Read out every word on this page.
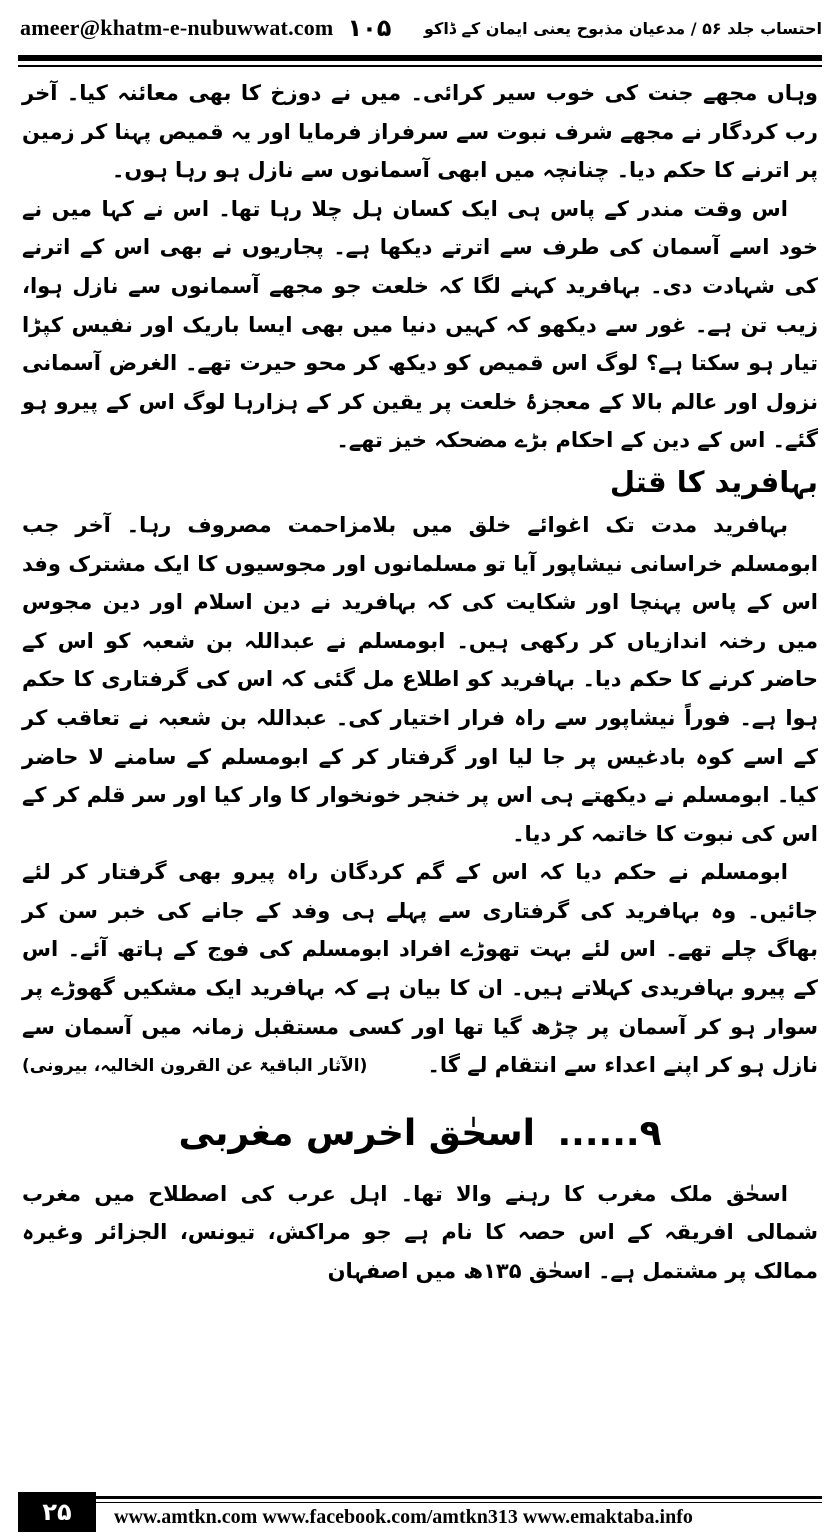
ameer@khatm-e-nubuwwat.com ۱۰۵ احتساب جلد ۵۶ / مدعیان مذبوح یعنی ایمان کے ڈاکو

وہاں مجھے جنت کی خوب سیر کرائی۔ میں نے دوزخ کا بھی معائنہ کیا۔ آخر رب کردگار نے مجھے شرف نبوت سے سرفراز فرمایا اور یہ قمیص پہنا کر زمین پر اترنے کا حکم دیا۔ چنانچہ میں ابھی آسمانوں سے نازل ہو رہا ہوں۔

اس وقت مندر کے پاس ہی ایک کسان ہل چلا رہا تھا۔ اس نے کہا میں نے خود اسے آسمان کی طرف سے اترتے دیکھا ہے۔ پجاریوں نے بھی اس کے اترنے کی شہادت دی۔ بہافرید کہنے لگا کہ خلعت جو مجھے آسمانوں سے نازل ہوا، زیب تن ہے۔ غور سے دیکھو کہ کہیں دنیا میں بھی ایسا باریک اور نفیس کپڑا تیار ہو سکتا ہے؟ لوگ اس قمیص کو دیکھ کر محو حیرت تھے۔ الغرض آسمانی نزول اور عالم بالا کے معجزۂ خلعت پر یقین کر کے ہزارہا لوگ اس کے پیرو ہو گئے۔ اس کے دین کے احکام بڑے مضحکہ خیز تھے۔

بہافرید کا قتل

بہافرید مدت تک اغوائے خلق میں بلامزاحمت مصروف رہا۔ آخر جب ابومسلم خراسانی نیشاپور آیا تو مسلمانوں اور مجوسیوں کا ایک مشترک وفد اس کے پاس پہنچا اور شکایت کی کہ بہافرید نے دین اسلام اور دین مجوس میں رخنہ اندازیاں کر رکھی ہیں۔ ابومسلم نے عبداللہ بن شعبہ کو اس کے حاضر کرنے کا حکم دیا۔ بہافرید کو اطلاع مل گئی کہ اس کی گرفتاری کا حکم ہوا ہے۔ فوراً نیشاپور سے راہ فرار اختیار کی۔ عبداللہ بن شعبہ نے تعاقب کر کے اسے کوہ بادغیس پر جا لیا اور گرفتار کر کے ابومسلم کے سامنے لا حاضر کیا۔ ابومسلم نے دیکھتے ہی اس پر خنجر خونخوار کا وار کیا اور سر قلم کر کے اس کی نبوت کا خاتمہ کر دیا۔

ابومسلم نے حکم دیا کہ اس کے گم کردگان راہ پیرو بھی گرفتار کر لئے جائیں۔ وہ بہافرید کی گرفتاری سے پہلے ہی وفد کے جانے کی خبر سن کر بھاگ چلے تھے۔ اس لئے بہت تھوڑے افراد ابومسلم کی فوج کے ہاتھ آئے۔ اس کے پیرو بہافریدی کہلاتے ہیں۔ ان کا بیان ہے کہ بہافرید ایک مشکیں گھوڑے پر سوار ہو کر آسمان پر چڑھ گیا تھا اور کسی مستقبل زمانہ میں آسمان سے نازل ہو کر اپنے اعداء سے انتقام لے گا۔

(الآثار الباقیۃ عن القرون الخالیہ، بیرونی)
۹...... اسحٰق اخرس مغربی

اسحٰق ملک مغرب کا رہنے والا تھا۔ اہل عرب کی اصطلاح میں مغرب شمالی افریقہ کے اس حصہ کا نام ہے جو مراکش، تیونس، الجزائر وغیرہ ممالک پر مشتمل ہے۔ اسحٰق ۱۳۵ھ میں اصفہان

۲۵	www.amtkn.com www.facebook.com/amtkn313 www.emaktaba.info
